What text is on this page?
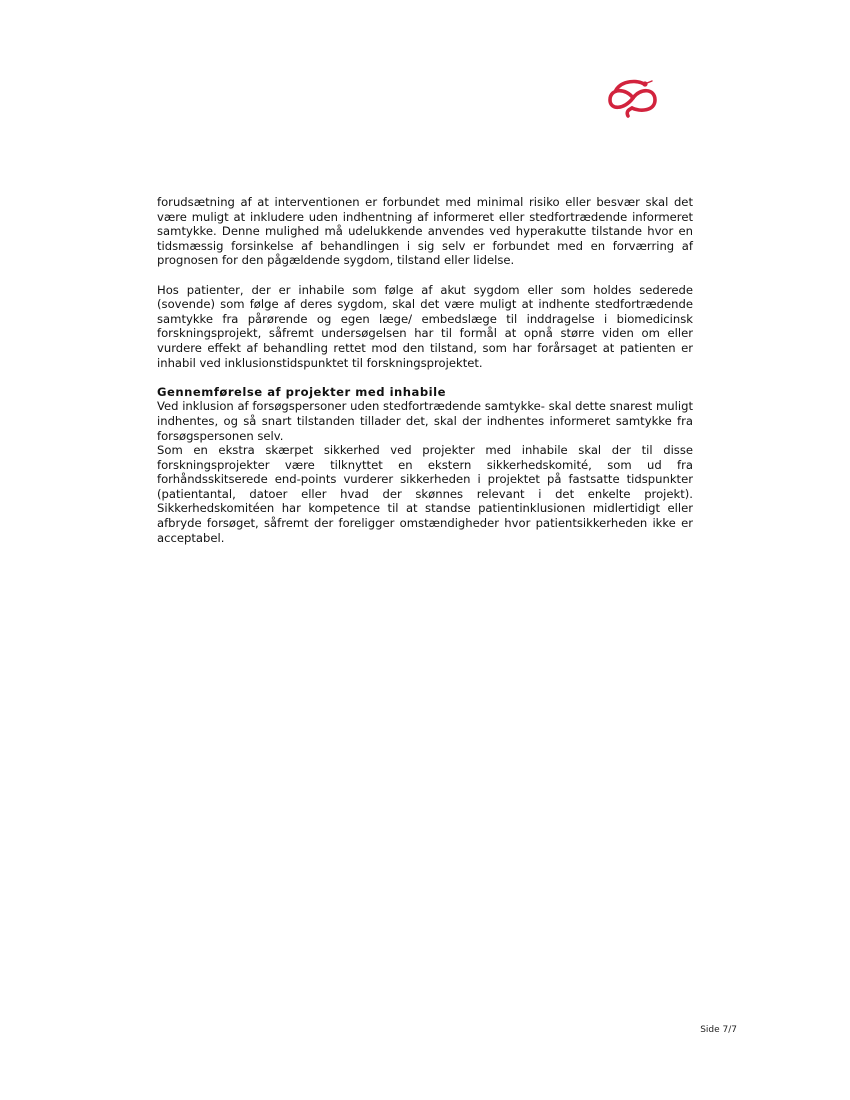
forudsætning af at interventionen er forbundet med minimal risiko eller besvær skal det være muligt at inkludere uden indhentning af informeret eller stedfortrædende informeret samtykke. Denne mulighed må udelukkende anvendes ved hyperakutte tilstande hvor en tidsmæssig forsinkelse af behandlingen i sig selv er forbundet med en forværring af prognosen for den pågældende sygdom, tilstand eller lidelse.

Hos patienter, der er inhabile som følge af akut sygdom eller som holdes sederede (sovende) som følge af deres sygdom, skal det være muligt at indhente stedfortrædende samtykke fra pårørende og egen læge/ embedslæge til inddragelse i biomedicinsk forskningsprojekt, såfremt undersøgelsen har til formål at opnå større viden om eller vurdere effekt af behandling rettet mod den tilstand, som har forårsaget at patienten er inhabil ved inklusionstidspunktet til forskningsprojektet.

Gennemførelse af projekter med inhabile

Ved inklusion af forsøgspersoner uden stedfortrædende samtykke- skal dette snarest muligt indhentes, og så snart tilstanden tillader det, skal der indhentes informeret samtykke fra forsøgspersonen selv.

Som en ekstra skærpet sikkerhed ved projekter med inhabile skal der til disse forskningsprojekter være tilknyttet en ekstern sikkerhedskomité, som ud fra forhåndsskitserede end-points vurderer sikkerheden i projektet på fastsatte tidspunkter (patientantal, datoer eller hvad der skønnes relevant i det enkelte projekt). Sikkerhedskomitéen har kompetence til at standse patientinklusionen midlertidigt eller afbryde forsøget, såfremt der foreligger omstændigheder hvor patientsikkerheden ikke er acceptabel.

Side 7/7
